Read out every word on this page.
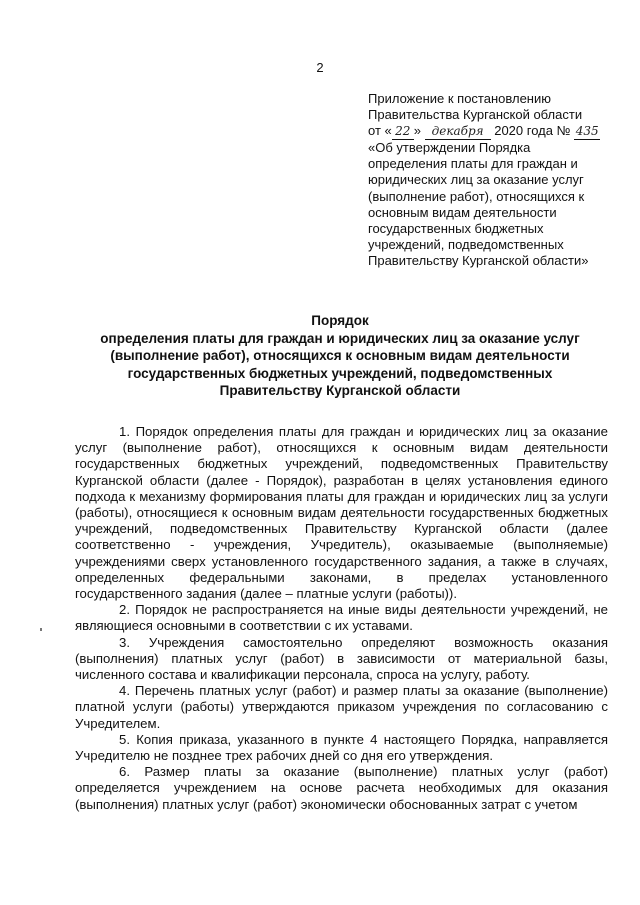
2
Приложение к постановлению
Правительства Курганской области
от « 22 » декабря 2020 года № 435
«Об утверждении Порядка
определения платы для граждан и
юридических лиц за оказание услуг
(выполнение работ), относящихся к
основным видам деятельности
государственных бюджетных
учреждений, подведомственных
Правительству Курганской области»
Порядок
определения платы для граждан и юридических лиц за оказание услуг
(выполнение работ), относящихся к основным видам деятельности
государственных бюджетных учреждений, подведомственных
Правительству Курганской области

1. Порядок определения платы для граждан и юридических лиц за оказание услуг (выполнение работ), относящихся к основным видам деятельности государственных бюджетных учреждений, подведомственных Правительству Курганской области (далее - Порядок), разработан в целях установления единого подхода к механизму формирования платы для граждан и юридических лиц за услуги (работы), относящиеся к основным видам деятельности государственных бюджетных учреждений, подведомственных Правительству Курганской области (далее соответственно - учреждения, Учредитель), оказываемые (выполняемые) учреждениями сверх установленного государственного задания, а также в случаях, определенных федеральными законами, в пределах установленного государственного задания (далее – платные услуги (работы)).

2. Порядок не распространяется на иные виды деятельности учреждений, не являющиеся основными в соответствии с их уставами.

3. Учреждения самостоятельно определяют возможность оказания (выполнения) платных услуг (работ) в зависимости от материальной базы, численного состава и квалификации персонала, спроса на услугу, работу.

4. Перечень платных услуг (работ) и размер платы за оказание (выполнение) платной услуги (работы) утверждаются приказом учреждения по согласованию с Учредителем.

5. Копия приказа, указанного в пункте 4 настоящего Порядка, направляется Учредителю не позднее трех рабочих дней со дня его утверждения.

6. Размер платы за оказание (выполнение) платных услуг (работ) определяется учреждением на основе расчета необходимых для оказания (выполнения) платных услуг (работ) экономически обоснованных затрат с учетом
